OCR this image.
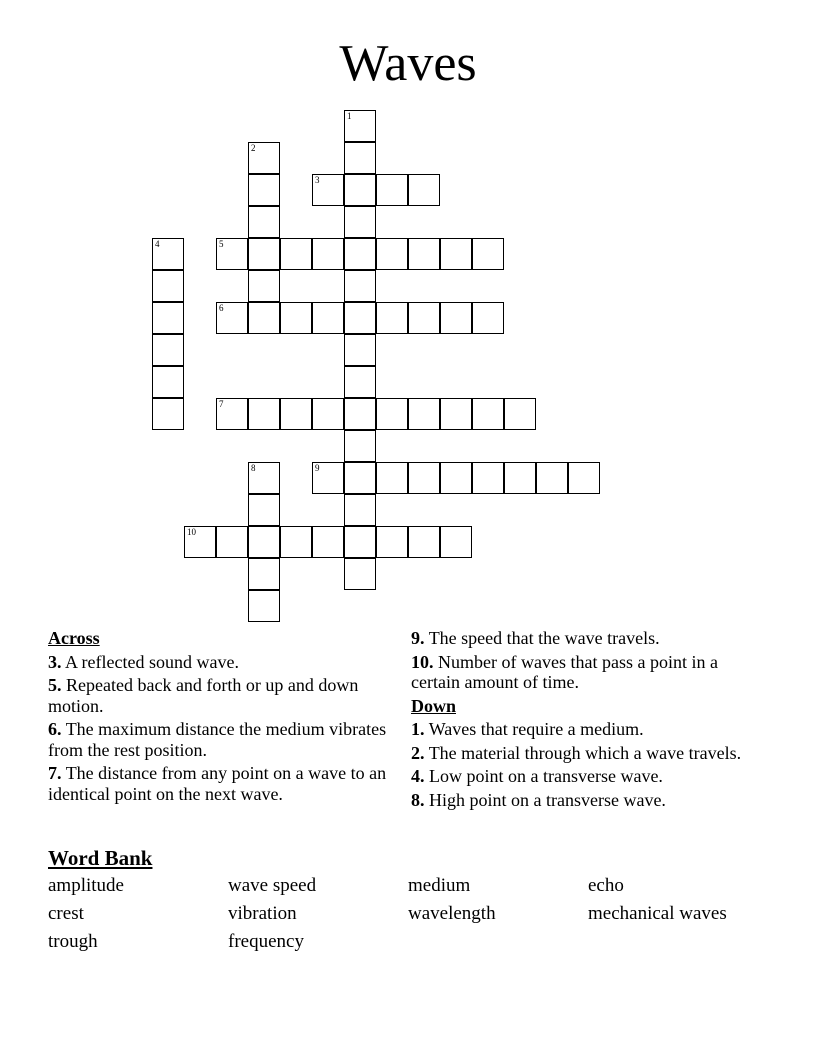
Waves
1
2
3
4	5
6
7
8	9
10
Across
3. A reflected sound wave.
5. Repeated back and forth or up and down motion.
6. The maximum distance the medium vibrates from the rest position.
7. The distance from any point on a wave to an identical point on the next wave.
9. The speed that the wave travels.
10. Number of waves that pass a point in a certain amount of time.
Down
1. Waves that require a medium.
2. The material through which a wave travels.
4. Low point on a transverse wave.
8. High point on a transverse wave.
Word Bank
amplitude	wave speed	medium	echo
crest	vibration	wavelength	mechanical waves
trough	frequency
